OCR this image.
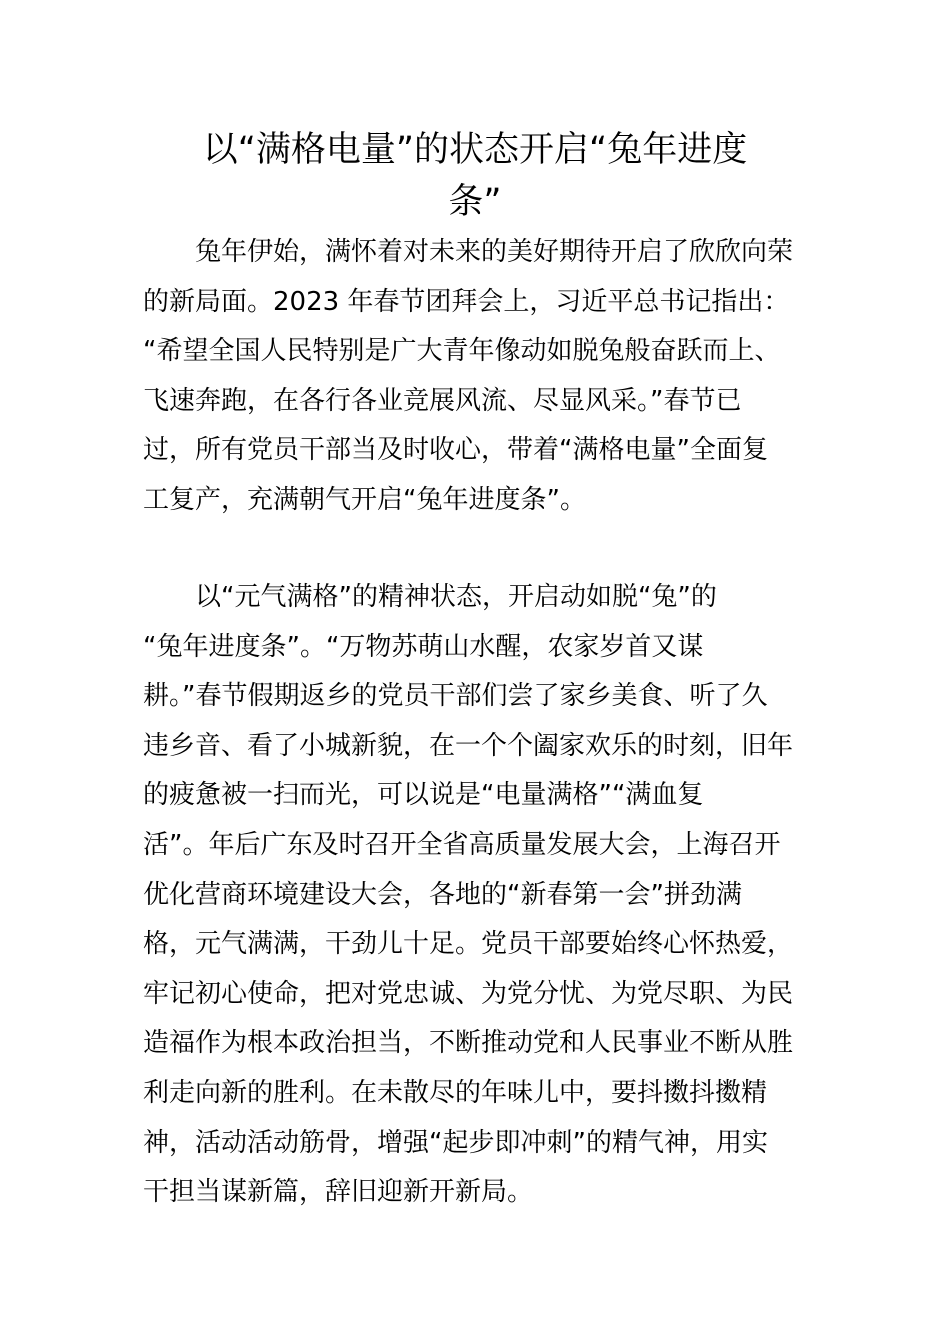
以“满格电量”的状态开启“兔年进度
条”
兔年伊始，满怀着对未来的美好期待开启了欣欣向荣
的新局面。2023 年春节团拜会上，习近平总书记指出：
“希望全国人民特别是广大青年像动如脱兔般奋跃而上、
飞速奔跑，在各行各业竞展风流、尽显风采。”春节已
过，所有党员干部当及时收心，带着“满格电量”全面复
工复产，充满朝气开启“兔年进度条”。
以“元气满格”的精神状态，开启动如脱“兔”的
“兔年进度条”。“万物苏萌山水醒，农家岁首又谋
耕。”春节假期返乡的党员干部们尝了家乡美食、听了久
违乡音、看了小城新貌，在一个个阖家欢乐的时刻，旧年
的疲惫被一扫而光，可以说是“电量满格”“满血复
活”。年后广东及时召开全省高质量发展大会，上海召开
优化营商环境建设大会，各地的“新春第一会”拼劲满
格，元气满满，干劲儿十足。党员干部要始终心怀热爱，
牢记初心使命，把对党忠诚、为党分忧、为党尽职、为民
造福作为根本政治担当，不断推动党和人民事业不断从胜
利走向新的胜利。在未散尽的年味儿中，要抖擞抖擞精
神，活动活动筋骨，增强“起步即冲刺”的精气神，用实
干担当谋新篇，辞旧迎新开新局。
